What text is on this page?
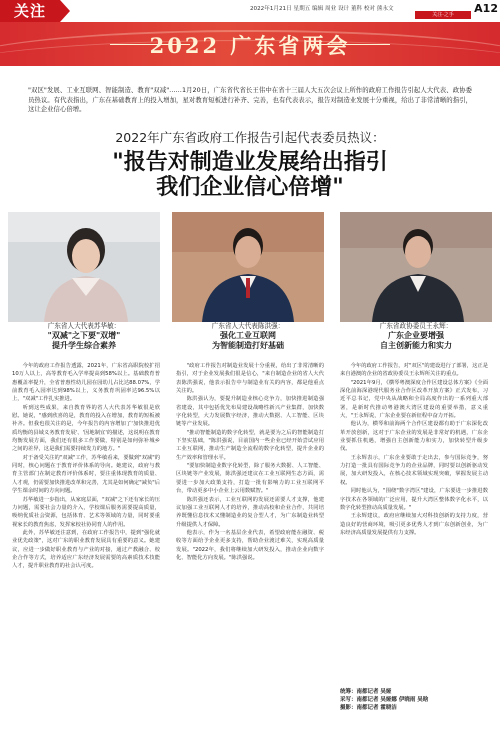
关注	2022年1月21日 星期五 编辑 周业 设计 董科 校对 熊永文
关注·之手	A12
2022 广东省两会
"双区"发展、工业互联网、智能制造、教育"双减"……1月20日，广东省代省长王伟中在省十三届人大五次会议上所作的政府工作报告引起人大代表、政协委员热议。有代表指出，广东在基础教育上的投入增加，星对教育短板进行补齐、完善，也有代表表示，报告对制造业发展十分重视，给出了非常清晰的指引，这让企业信心倍增。
2022年广东省政府工作报告引起代表委员热议：
"报告对制造业发展给出指引
我们企业信心倍增"
广东省人大代表苏华敏：
"双减"之下要"双增"
提升学生综合素养
广东省人大代表陈洪强：
强化工业互联网
为智能制造打好基础
广东省政协委员王永辉：
广东企业要增强
自主创新能力和实力

今年的政府工作报告透露，2021年，广东省高职院校扩招10万人以上，高等教育毛入学率提高到58%以上。基础教育普惠覆盖率提升，全省普惠性幼儿园在园幼儿占比达88.07%，学前教育毛入园率达到98%以上，义务教育巩固率达96.5%以上，"双减"工作扎实推进。

听到这些成果，来自教育界的省人大代表苏华敏很是欣慰。她说，"感到欣喜的是，教育的投入在增加，教育的短板被补齐。但我也很关注的是，今年报告的内容增加了'加快推进优质均衡的县域义务教育发展'、'因地制宜'的描述，这说明在教育均衡发展方面，我们还有很多工作要做，特别是如何弥补城乡之间的差异，这是我们需要持续发力的地方。"

对于备受关注的"双减"工作，苏华敏看来，要做到"双减"的同时，核心问题在于教育评价体系的导向。她建议，政府与教育主管部门在制定教育评价体系时，要注重体现教育的质量、人才观，仍需要加快推进改革和完善，尤其是如何确定"减负"后学生课余时间的方向问题。

苏华敏进一步指出，从家庭层面，"双减"之下还有家长的压力问题，需要社会力量的介入，学校课后服务需要提高质量，吸纳优质社会资源，包括体育、艺术等领域的力量，同时要重视家长的教育焦虑，发挥家校社协同育人的作用。

此外，苏华敏还注意到，在政府工作报告中，提到"强化就业优先政策"，这对广东的职业教育发展具有重要的意义。她建议，应进一步做好职业教育与产业的对接，通过产教融合、校企合作等方式，培养适应广东经济发展需要的高素质技术技能人才，提升职业教育的社会认可度。

"政府工作报告对制造业发展十分重视，给出了非常清晰的指引，对于企业发展我们很是信心，"来自制造企业的省人大代表陈洪强说，他表示报告中与制造业有关的内容，都是他重点关注的。

陈洪强认为，要提升制造业核心竞争力，加快推进制造强省建设，其中包括优先布局建设战略性新兴产业集群，加快数字化转型，大力发展数字经济，推动大数据、人工智能、区块链等产业发展。

"推动智能制造的数字化转型，就是要为之后的智能制造打下坚实基础，"陈洪强说，目前国内一些企业已经开始尝试应用工业互联网，推动生产制造全流程的数字化转型，提升企业的生产效率和管理水平。

"要加快制造业数字化转型，除了服务大数据、人工智能、区块链等产业发展，陈洪强还建议在工业互联网生态方面，需要进一步加大政策支持，打造一批有影响力的工业互联网平台，带动更多中小企业上云用数赋智。"

陈洪强还表示，工业互联网的发展还需要人才支撑，他建议加强工业互联网人才的培养，推动高校和企业合作，共同培养既懂信息技术又懂制造业的复合型人才，为广东制造业转型升级提供人才保障。

他表示，作为一名基层企业代表，希望政府能在融资、税收等方面给予企业更多支持，帮助企业渡过难关，实现高质量发展。"2022年，我们将继续加大研发投入，推动企业向数字化、智能化方向发展。"陈洪强说。

今年的政府工作报告，对"双区"的建设进行了部署，这正是来自港澳的企业的省政协委员王永辉所关注的重点。

"2021年9月，《横琴粤澳深度合作区建设总体方案》《全面深化前海深港现代服务业合作区改革开放方案》正式发布，习近平总书记，党中央从战略和全局高度作出的一系列重大部署，是新时代推动粤港澳大湾区建设的重要举措，意义重大，"王永辉说，广东企业要在新征程中奋力开拓。

他认为，横琴和前海两个合作区建设都有助于广东深化改革开放创新，这对于广东企业的发展是非常好的机遇，广东企业要抓住机遇，增强自主创新能力和实力，加快转型升级步伐。

王永辉表示，广东企业要敢于走出去，参与国际竞争，努力打造一批具有国际竞争力的企业品牌，同时要以创新驱动发展，加大研发投入，在核心技术领域实现突破，掌握发展主动权。

同时他认为，"围绕"数字湾区"建设，广东要进一步推进数字技术在各领域的广泛应用，提升大湾区整体数字化水平，以数字化转型推动高质量发展。"

王永辉建议，政府应继续加大对科技创新的支持力度，营造良好的营商环境，吸引更多优秀人才到广东创新创业，为广东经济高质量发展提供有力支撑。

统筹：南都记者 吴娅
采写：南都记者 吴娅娜 伊晓雨 吴晗
摄影：南都记者 霍晓洁
